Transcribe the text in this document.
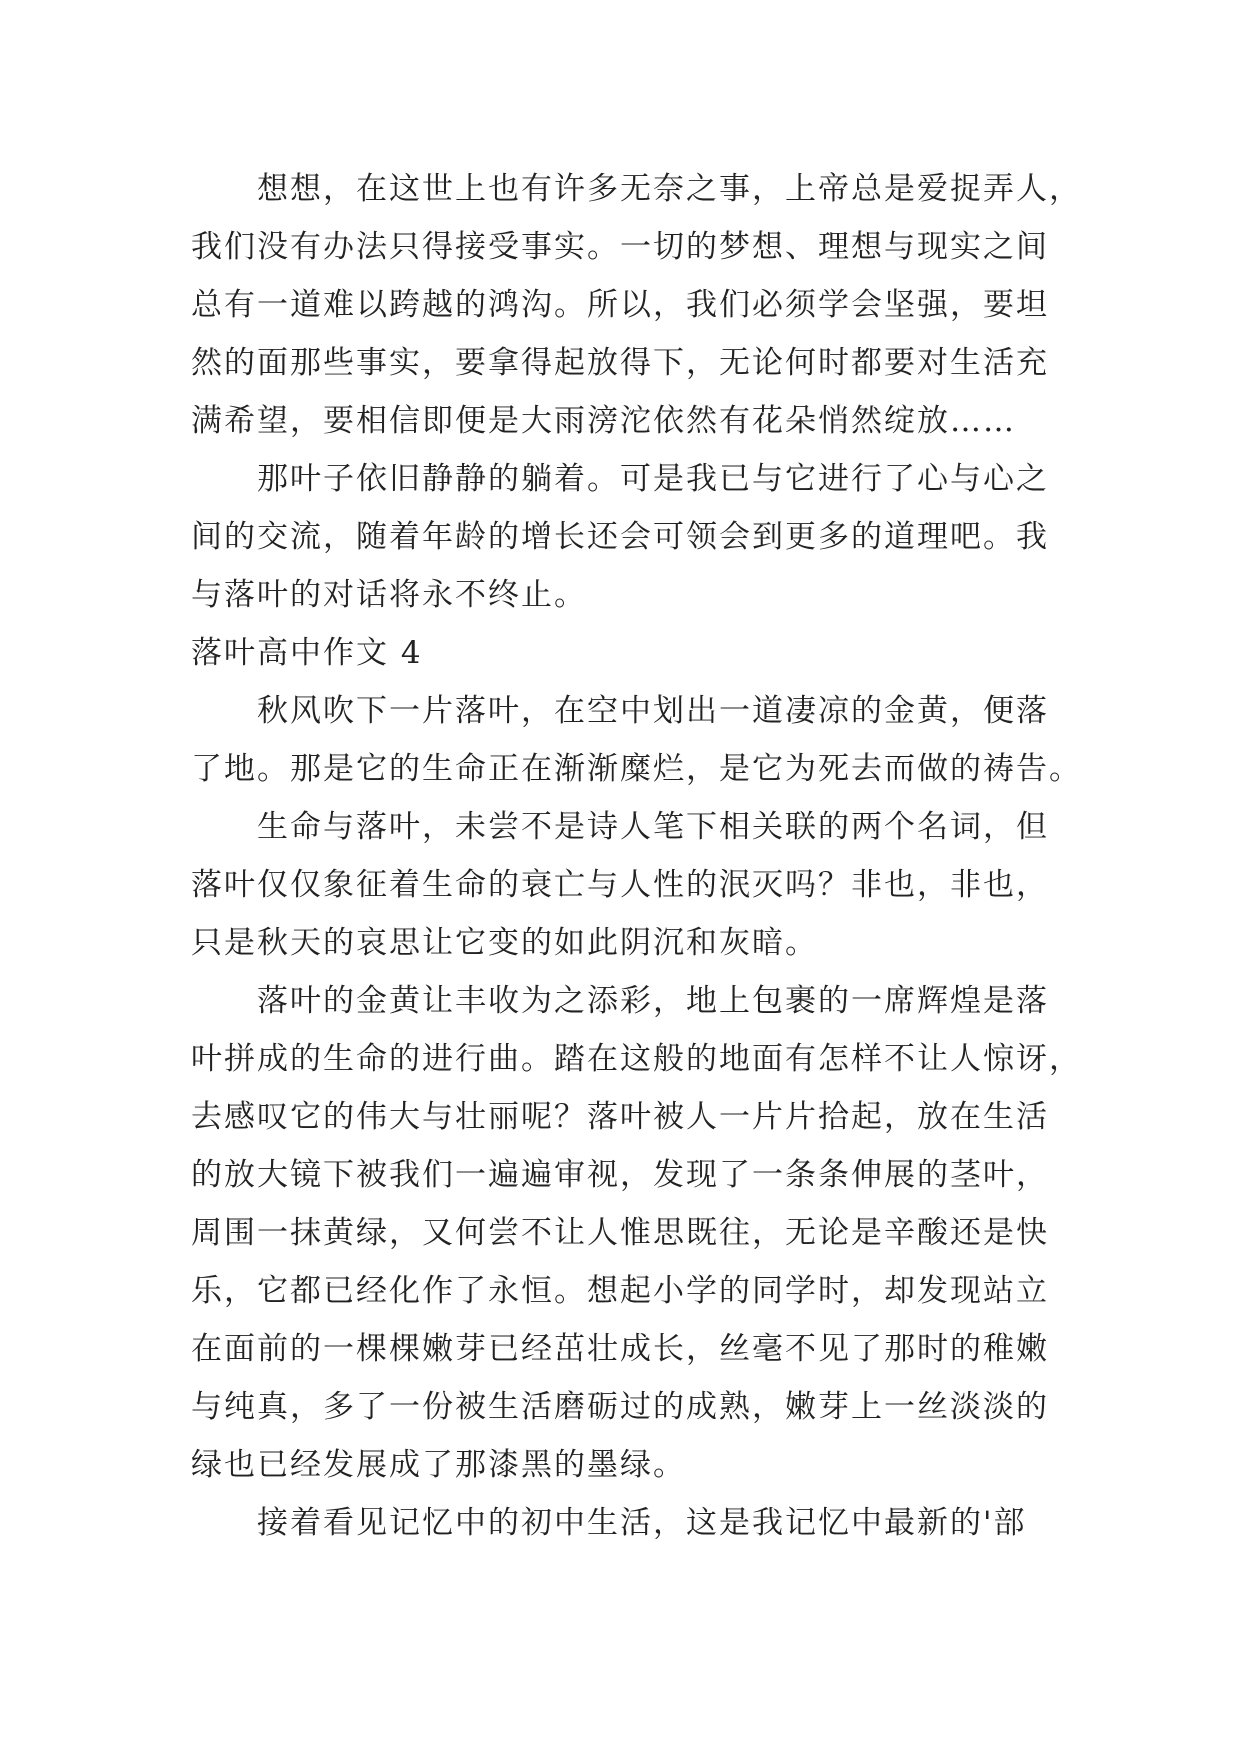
想想，在这世上也有许多无奈之事，上帝总是爱捉弄人，
我们没有办法只得接受事实。一切的梦想、理想与现实之间
总有一道难以跨越的鸿沟。所以，我们必须学会坚强，要坦
然的面那些事实，要拿得起放得下，无论何时都要对生活充
满希望，要相信即便是大雨滂沱依然有花朵悄然绽放……
那叶子依旧静静的躺着。可是我已与它进行了心与心之
间的交流，随着年龄的增长还会可领会到更多的道理吧。我
与落叶的对话将永不终止。
落叶高中作文 4
秋风吹下一片落叶，在空中划出一道凄凉的金黄，便落
了地。那是它的生命正在渐渐糜烂，是它为死去而做的祷告。
生命与落叶，未尝不是诗人笔下相关联的两个名词，但
落叶仅仅象征着生命的衰亡与人性的泯灭吗？非也，非也，
只是秋天的哀思让它变的如此阴沉和灰暗。
落叶的金黄让丰收为之添彩，地上包裹的一席辉煌是落
叶拼成的生命的进行曲。踏在这般的地面有怎样不让人惊讶，
去感叹它的伟大与壮丽呢？落叶被人一片片拾起，放在生活
的放大镜下被我们一遍遍审视，发现了一条条伸展的茎叶，
周围一抹黄绿，又何尝不让人惟思既往，无论是辛酸还是快
乐，它都已经化作了永恒。想起小学的同学时，却发现站立
在面前的一棵棵嫩芽已经茁壮成长，丝毫不见了那时的稚嫩
与纯真，多了一份被生活磨砺过的成熟，嫩芽上一丝淡淡的
绿也已经发展成了那漆黑的墨绿。
接着看见记忆中的初中生活，这是我记忆中最新的'部
